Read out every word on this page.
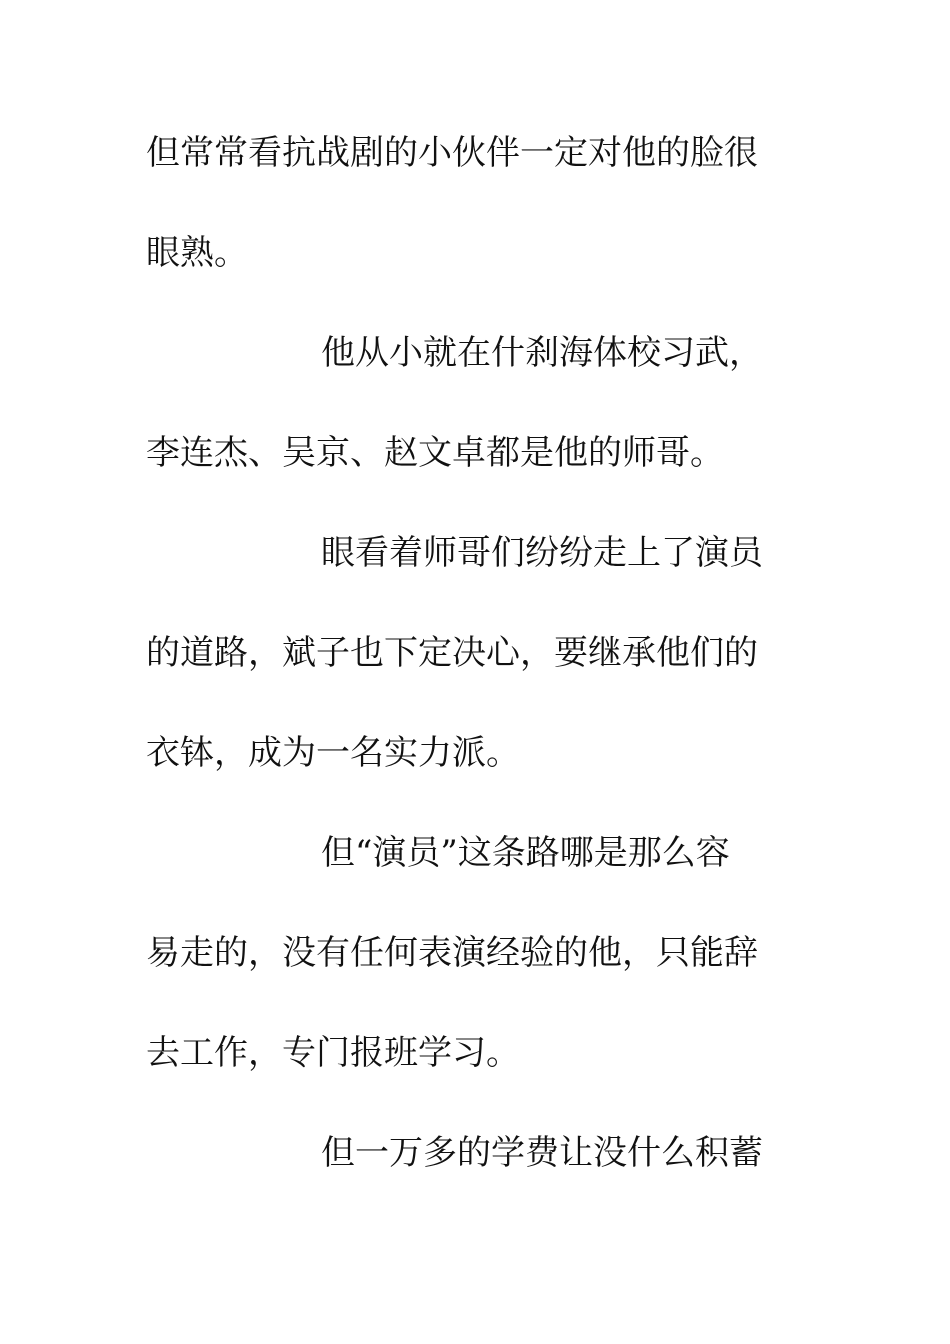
但常常看抗战剧的小伙伴一定对他的脸很
眼熟。
他从小就在什刹海体校习武，
李连杰、吴京、赵文卓都是他的师哥。
眼看着师哥们纷纷走上了演员
的道路，斌子也下定决心，要继承他们的
衣钵，成为一名实力派。
但“演员”这条路哪是那么容
易走的，没有任何表演经验的他，只能辞
去工作，专门报班学习。
但一万多的学费让没什么积蓄
